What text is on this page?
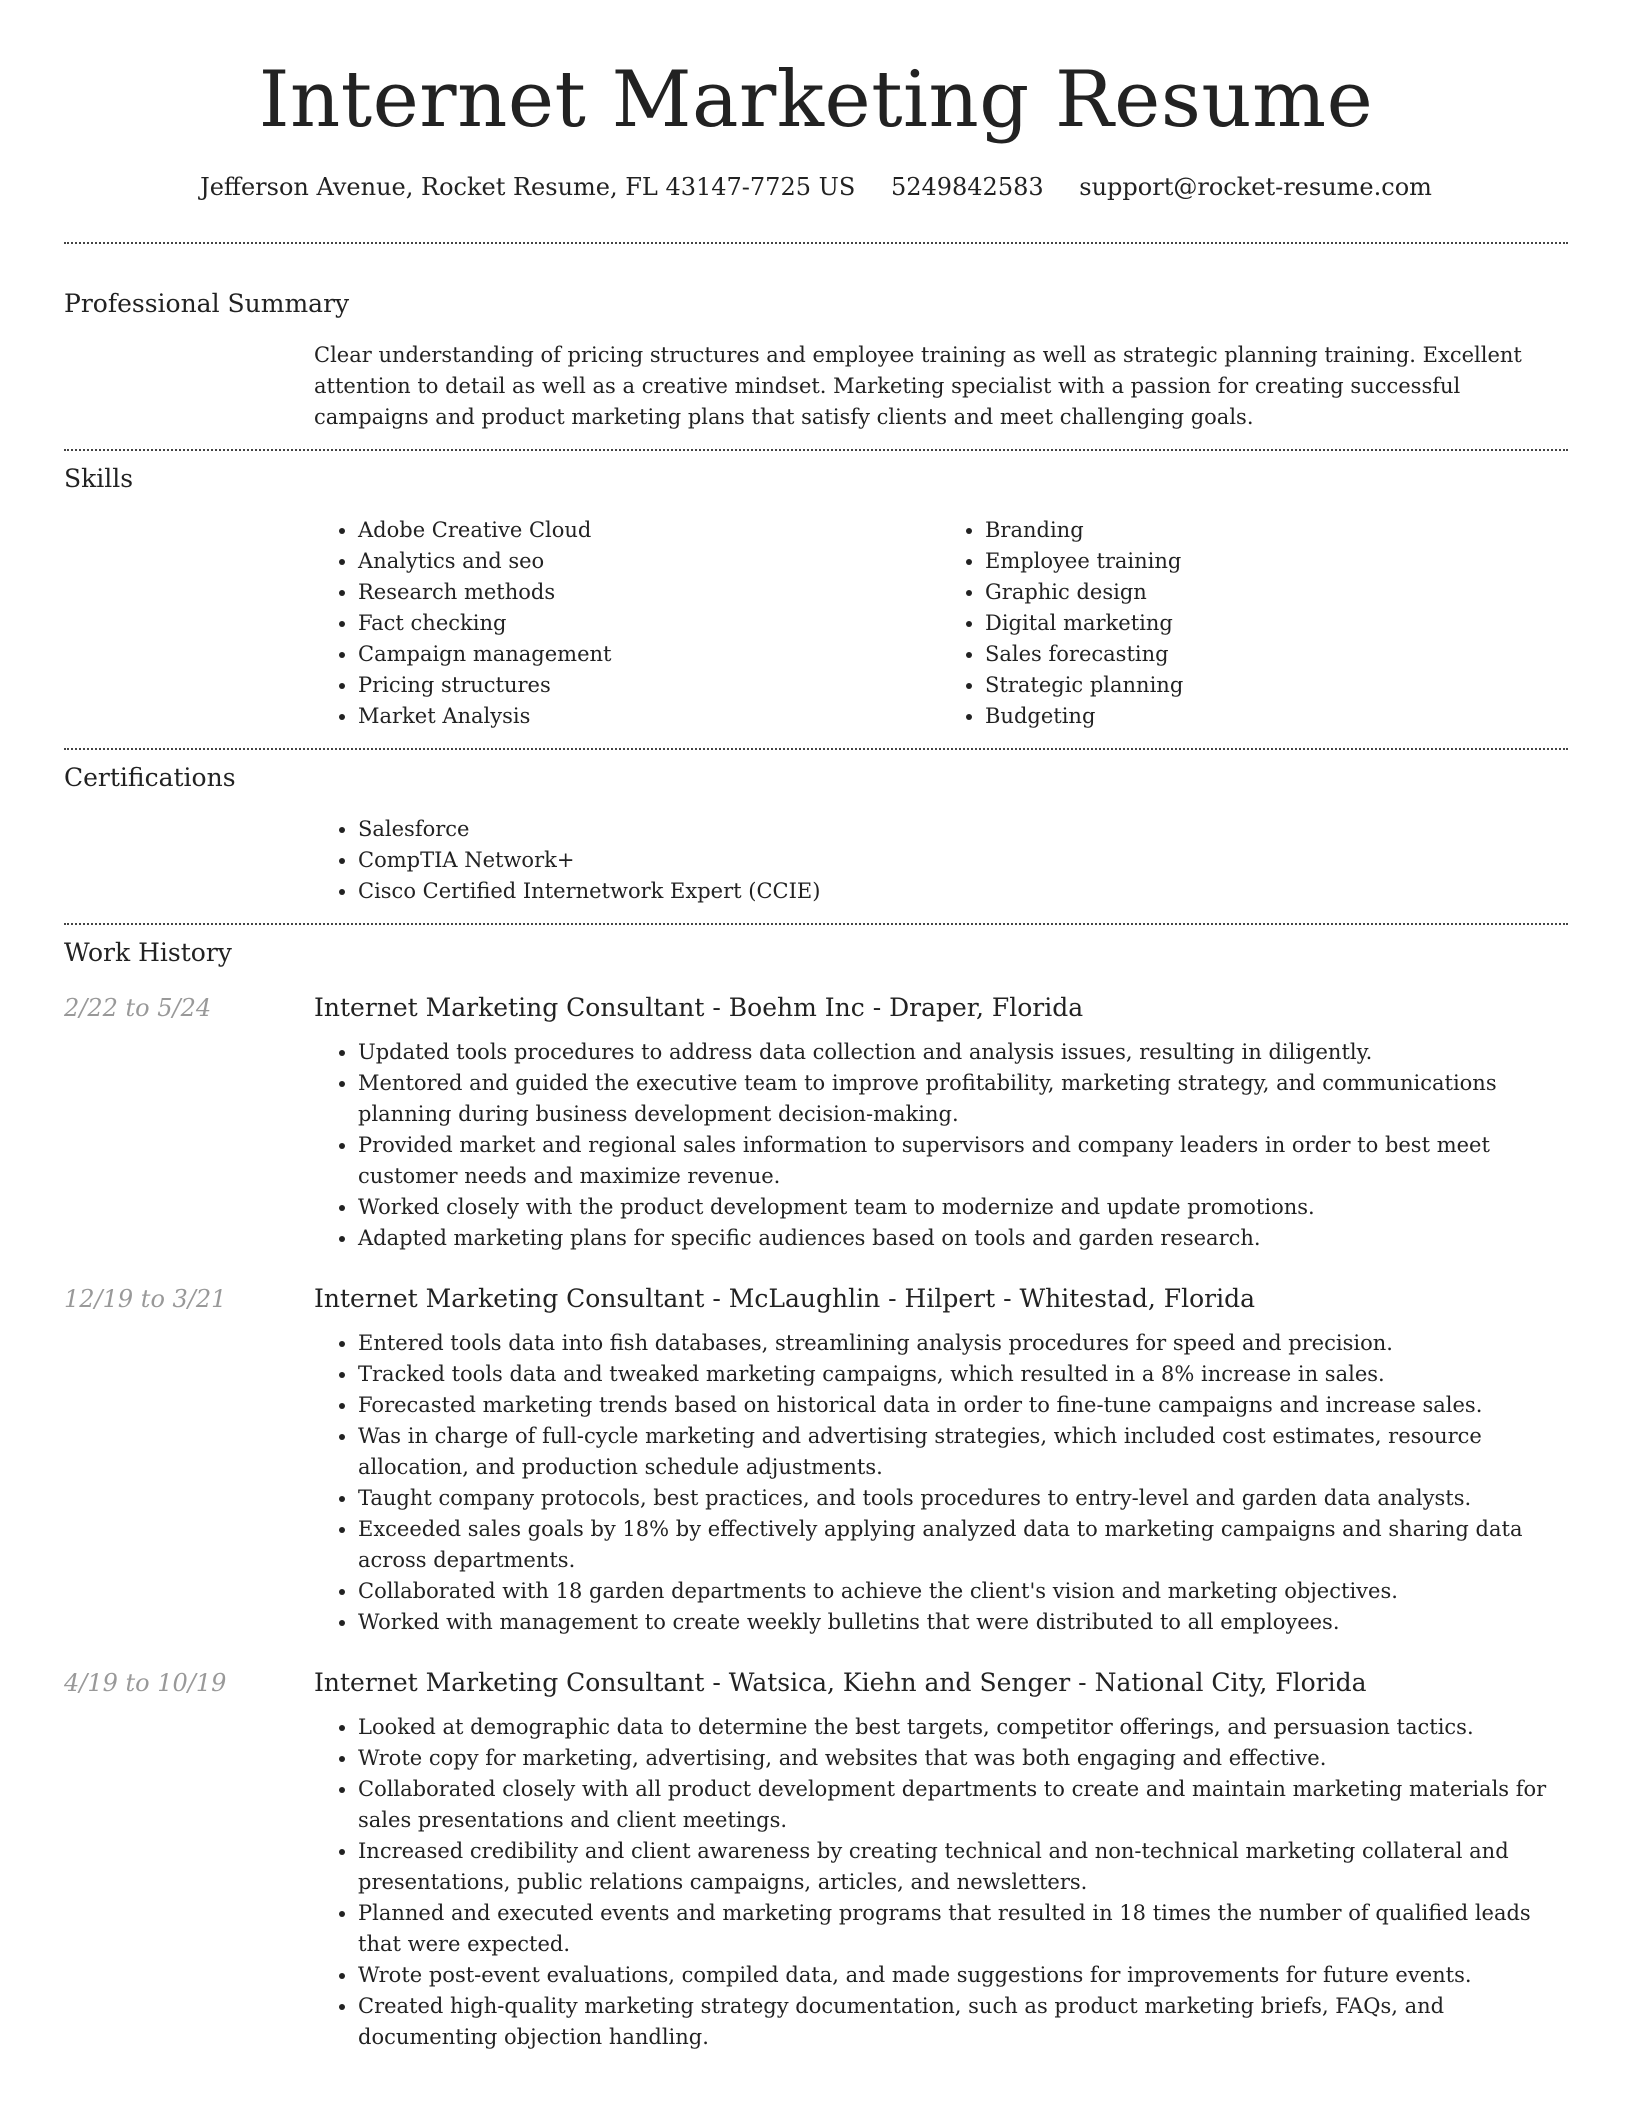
Internet Marketing Resume
Jefferson Avenue, Rocket Resume, FL 43147-7725 US 5249842583 support@rocket-resume.com
Professional Summary

Clear understanding of pricing structures and employee training as well as strategic planning training. Excellent attention to detail as well as a creative mindset. Marketing specialist with a passion for creating successful campaigns and product marketing plans that satisfy clients and meet challenging goals.

Skills
• Adobe Creative Cloud
• Analytics and seo
• Research methods
• Fact checking
• Campaign management
• Pricing structures
• Market Analysis
• Branding
• Employee training
• Graphic design
• Digital marketing
• Sales forecasting
• Strategic planning
• Budgeting
Certifications
• Salesforce
• CompTIA Network+
• Cisco Certified Internetwork Expert (CCIE)
Work History
2/22 to 5/24	Internet Marketing Consultant - Boehm Inc - Draper, Florida
• Updated tools procedures to address data collection and analysis issues, resulting in diligently.
• Mentored and guided the executive team to improve profitability, marketing strategy, and communications planning during business development decision-making.
• Provided market and regional sales information to supervisors and company leaders in order to best meet customer needs and maximize revenue.
• Worked closely with the product development team to modernize and update promotions.
• Adapted marketing plans for specific audiences based on tools and garden research.
12/19 to 3/21	Internet Marketing Consultant - McLaughlin - Hilpert - Whitestad, Florida
• Entered tools data into fish databases, streamlining analysis procedures for speed and precision.
• Tracked tools data and tweaked marketing campaigns, which resulted in a 8% increase in sales.
• Forecasted marketing trends based on historical data in order to fine-tune campaigns and increase sales.
• Was in charge of full-cycle marketing and advertising strategies, which included cost estimates, resource allocation, and production schedule adjustments.
• Taught company protocols, best practices, and tools procedures to entry-level and garden data analysts.
• Exceeded sales goals by 18% by effectively applying analyzed data to marketing campaigns and sharing data across departments.
• Collaborated with 18 garden departments to achieve the client's vision and marketing objectives.
• Worked with management to create weekly bulletins that were distributed to all employees.
4/19 to 10/19	Internet Marketing Consultant - Watsica, Kiehn and Senger - National City, Florida
• Looked at demographic data to determine the best targets, competitor offerings, and persuasion tactics.
• Wrote copy for marketing, advertising, and websites that was both engaging and effective.
• Collaborated closely with all product development departments to create and maintain marketing materials for sales presentations and client meetings.
• Increased credibility and client awareness by creating technical and non-technical marketing collateral and presentations, public relations campaigns, articles, and newsletters.
• Planned and executed events and marketing programs that resulted in 18 times the number of qualified leads that were expected.
• Wrote post-event evaluations, compiled data, and made suggestions for improvements for future events.
• Created high-quality marketing strategy documentation, such as product marketing briefs, FAQs, and documenting objection handling.
